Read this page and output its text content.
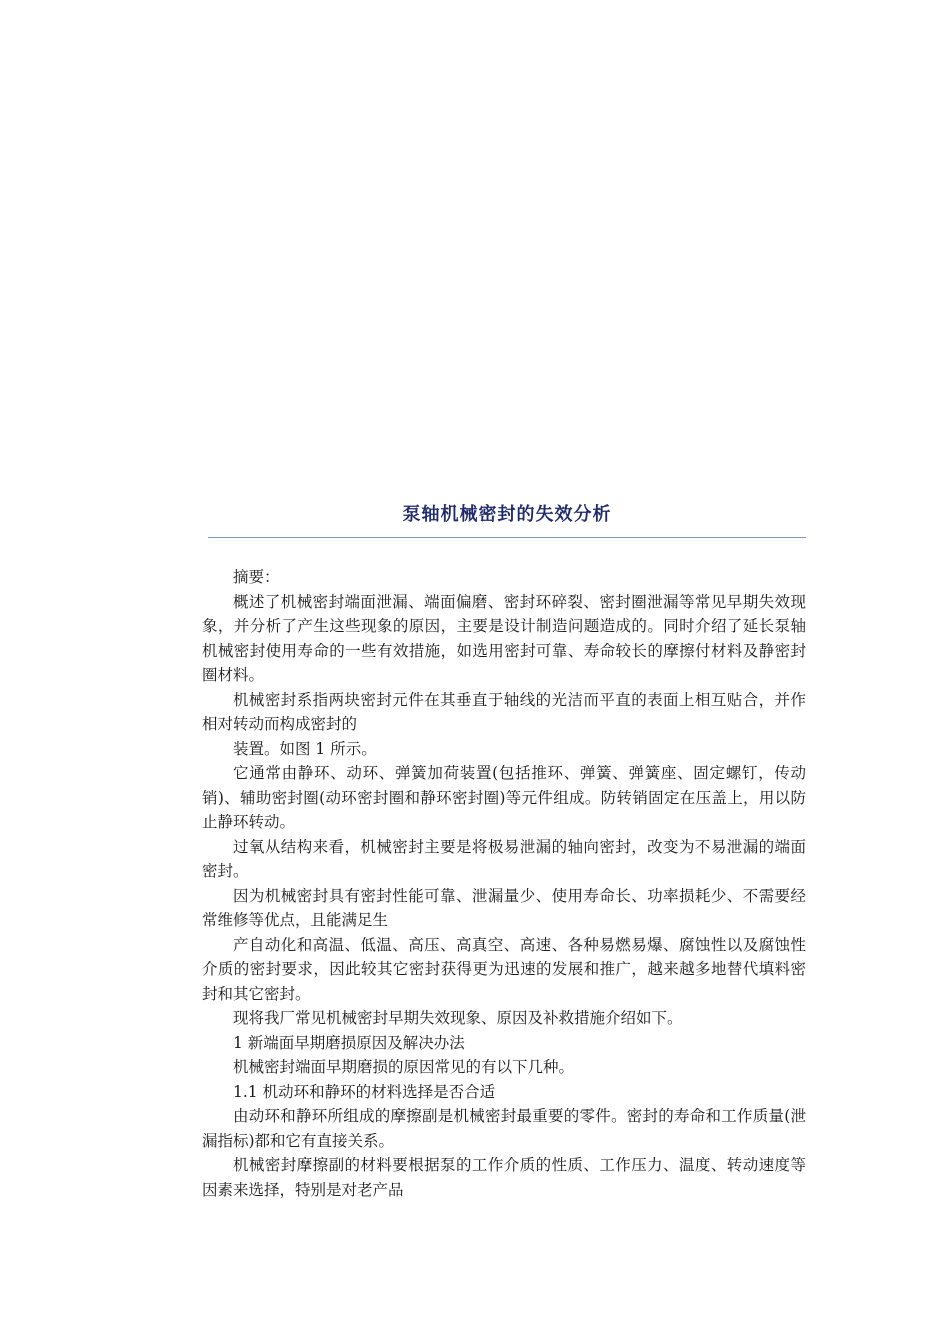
泵轴机械密封的失效分析

摘要：

概述了机械密封端面泄漏、端面偏磨、密封环碎裂、密封圈泄漏等常见早期失效现象，并分析了产生这些现象的原因，主要是设计制造问题造成的。同时介绍了延长泵轴机械密封使用寿命的一些有效措施，如选用密封可靠、寿命较长的摩擦付材料及静密封圈材料。

机械密封系指两块密封元件在其垂直于轴线的光洁而平直的表面上相互贴合，并作相对转动而构成密封的

装置。如图 1 所示。

它通常由静环、动环、弹簧加荷装置(包括推环、弹簧、弹簧座、固定螺钉，传动销)、辅助密封圈(动环密封圈和静环密封圈)等元件组成。防转销固定在压盖上，用以防止静环转动。

过氧从结构来看，机械密封主要是将极易泄漏的轴向密封，改变为不易泄漏的端面密封。

因为机械密封具有密封性能可靠、泄漏量少、使用寿命长、功率损耗少、不需要经常维修等优点，且能满足生

产自动化和高温、低温、高压、高真空、高速、各种易燃易爆、腐蚀性以及腐蚀性介质的密封要求，因此较其它密封获得更为迅速的发展和推广，越来越多地替代填料密封和其它密封。

现将我厂常见机械密封早期失效现象、原因及补救措施介绍如下。

1 新端面早期磨损原因及解决办法

机械密封端面早期磨损的原因常见的有以下几种。

1.1 机动环和静环的材料选择是否合适

由动环和静环所组成的摩擦副是机械密封最重要的零件。密封的寿命和工作质量(泄漏指标)都和它有直接关系。

机械密封摩擦副的材料要根据泵的工作介质的性质、工作压力、温度、转动速度等因素来选择，特别是对老产品
